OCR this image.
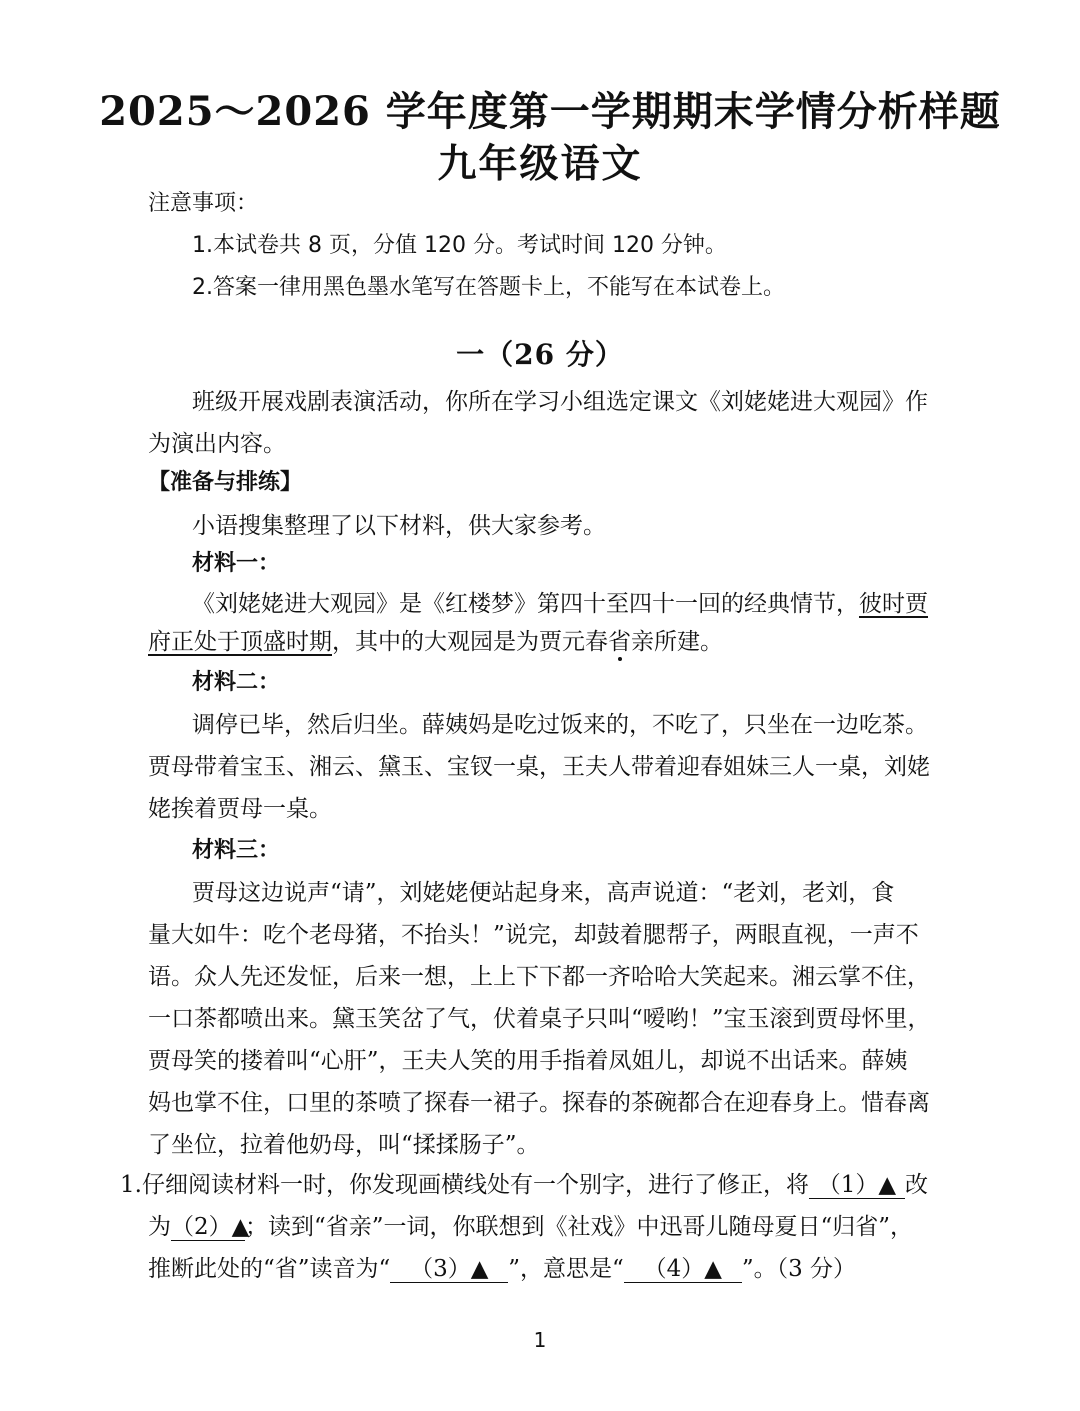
2025～2026 学年度第一学期期末学情分析样题
九年级语文
注意事项：
1.本试卷共 8 页，分值 120 分。考试时间 120 分钟。
2.答案一律用黑色墨水笔写在答题卡上，不能写在本试卷上。
一（26 分）
班级开展戏剧表演活动，你所在学习小组选定课文《刘姥姥进大观园》作
为演出内容。
【准备与排练】
小语搜集整理了以下材料，供大家参考。
材料一：
《刘姥姥进大观园》是《红楼梦》第四十至四十一回的经典情节，彼时贾
府正处于顶盛时期，其中的大观园是为贾元春省亲所建。
材料二：
调停已毕，然后归坐。薛姨妈是吃过饭来的，不吃了，只坐在一边吃茶。
贾母带着宝玉、湘云、黛玉、宝钗一桌，王夫人带着迎春姐妹三人一桌，刘姥
姥挨着贾母一桌。
材料三：
贾母这边说声“请”，刘姥姥便站起身来，高声说道：“老刘，老刘，食
量大如牛：吃个老母猪，不抬头！”说完，却鼓着腮帮子，两眼直视，一声不
语。众人先还发怔，后来一想，上上下下都一齐哈哈大笑起来。湘云掌不住，
一口茶都喷出来。黛玉笑岔了气，伏着桌子只叫“嗳哟！”宝玉滚到贾母怀里，
贾母笑的搂着叫“心肝”，王夫人笑的用手指着凤姐儿，却说不出话来。薛姨
妈也掌不住，口里的茶喷了探春一裙子。探春的茶碗都合在迎春身上。惜春离
了坐位，拉着他奶母，叫“揉揉肠子”。
1.仔细阅读材料一时，你发现画横线处有一个别字，进行了修正，将 （1）▲ 改
为（2）▲；读到“省亲”一词，你联想到《社戏》中迅哥儿随母夏日“归省”，
推断此处的“省”读音为“ （3）▲ ”，意思是“ （4）▲ ”。（3 分）
1
